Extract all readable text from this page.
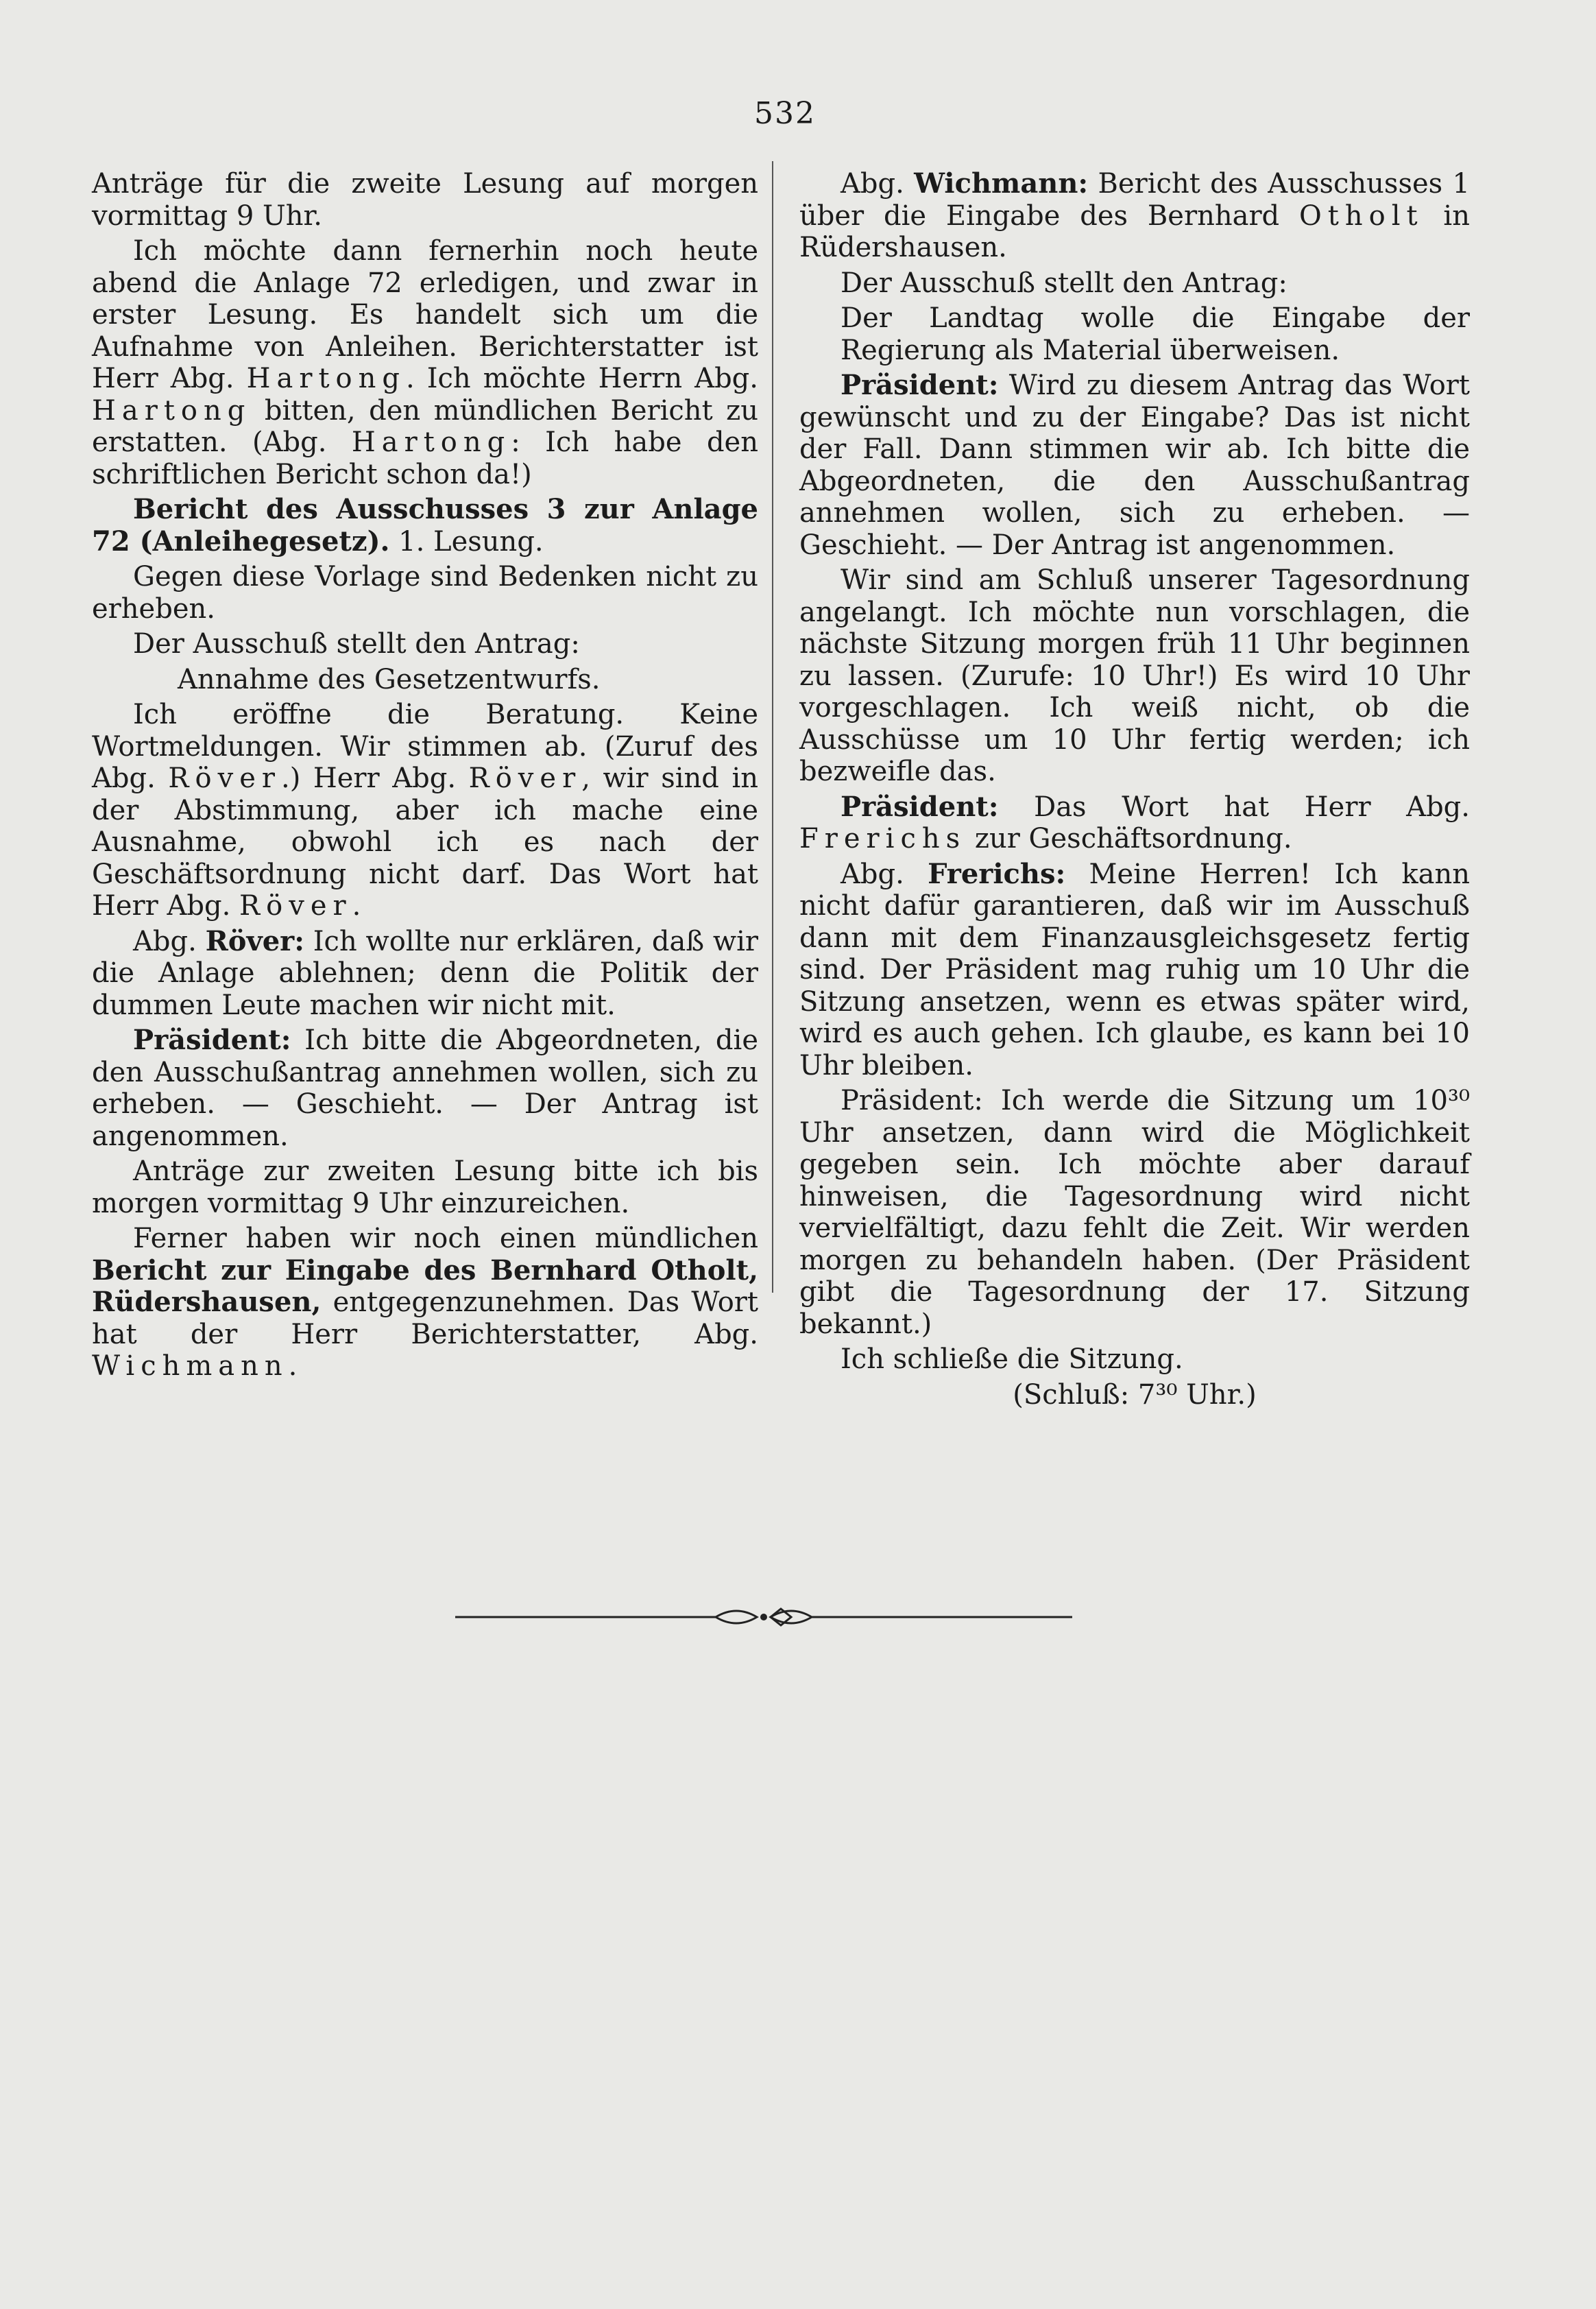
532

Anträge für die zweite Lesung auf morgen vormittag 9 Uhr.

Ich möchte dann fernerhin noch heute abend die Anlage 72 erledigen, und zwar in erster Lesung. Es handelt sich um die Aufnahme von Anleihen. Berichterstatter ist Herr Abg. Hartong. Ich möchte Herrn Abg. Hartong bitten, den mündlichen Bericht zu erstatten. (Abg. Hartong: Ich habe den schriftlichen Bericht schon da!)

Bericht des Ausschusses 3 zur Anlage 72 (Anleihegesetz). 1. Lesung.

Gegen diese Vorlage sind Bedenken nicht zu erheben.

Der Ausschuß stellt den Antrag:

Annahme des Gesetzentwurfs.

Ich eröffne die Beratung. Keine Wortmeldungen. Wir stimmen ab. (Zuruf des Abg. Röver.) Herr Abg. Röver, wir sind in der Abstimmung, aber ich mache eine Ausnahme, obwohl ich es nach der Geschäftsordnung nicht darf. Das Wort hat Herr Abg. Röver.

Abg. Röver: Ich wollte nur erklären, daß wir die Anlage ablehnen; denn die Politik der dummen Leute machen wir nicht mit.

Präsident: Ich bitte die Abgeordneten, die den Ausschußantrag annehmen wollen, sich zu erheben. — Geschieht. — Der Antrag ist angenommen.

Anträge zur zweiten Lesung bitte ich bis morgen vormittag 9 Uhr einzureichen.

Ferner haben wir noch einen mündlichen Bericht zur Eingabe des Bernhard Otholt, Rüdershausen, entgegenzunehmen. Das Wort hat der Herr Berichterstatter, Abg. Wichmann.

Abg. Wichmann: Bericht des Ausschusses 1 über die Eingabe des Bernhard Otholt in Rüdershausen.

Der Ausschuß stellt den Antrag:

Der Landtag wolle die Eingabe der Regierung als Material überweisen.

Präsident: Wird zu diesem Antrag das Wort gewünscht und zu der Eingabe? Das ist nicht der Fall. Dann stimmen wir ab. Ich bitte die Abgeordneten, die den Ausschußantrag annehmen wollen, sich zu erheben. — Geschieht. — Der Antrag ist angenommen.

Wir sind am Schluß unserer Tagesordnung angelangt. Ich möchte nun vorschlagen, die nächste Sitzung morgen früh 11 Uhr beginnen zu lassen. (Zurufe: 10 Uhr!) Es wird 10 Uhr vorgeschlagen. Ich weiß nicht, ob die Ausschüsse um 10 Uhr fertig werden; ich bezweifle das.

Präsident: Das Wort hat Herr Abg. Frerichs zur Geschäftsordnung.

Abg. Frerichs: Meine Herren! Ich kann nicht dafür garantieren, daß wir im Ausschuß dann mit dem Finanzausgleichsgesetz fertig sind. Der Präsident mag ruhig um 10 Uhr die Sitzung ansetzen, wenn es etwas später wird, wird es auch gehen. Ich glaube, es kann bei 10 Uhr bleiben.

Präsident: Ich werde die Sitzung um 10³⁰ Uhr ansetzen, dann wird die Möglichkeit gegeben sein. Ich möchte aber darauf hinweisen, die Tagesordnung wird nicht vervielfältigt, dazu fehlt die Zeit. Wir werden morgen zu behandeln haben. (Der Präsident gibt die Tagesordnung der 17. Sitzung bekannt.)

Ich schließe die Sitzung.

(Schluß: 7³⁰ Uhr.)
